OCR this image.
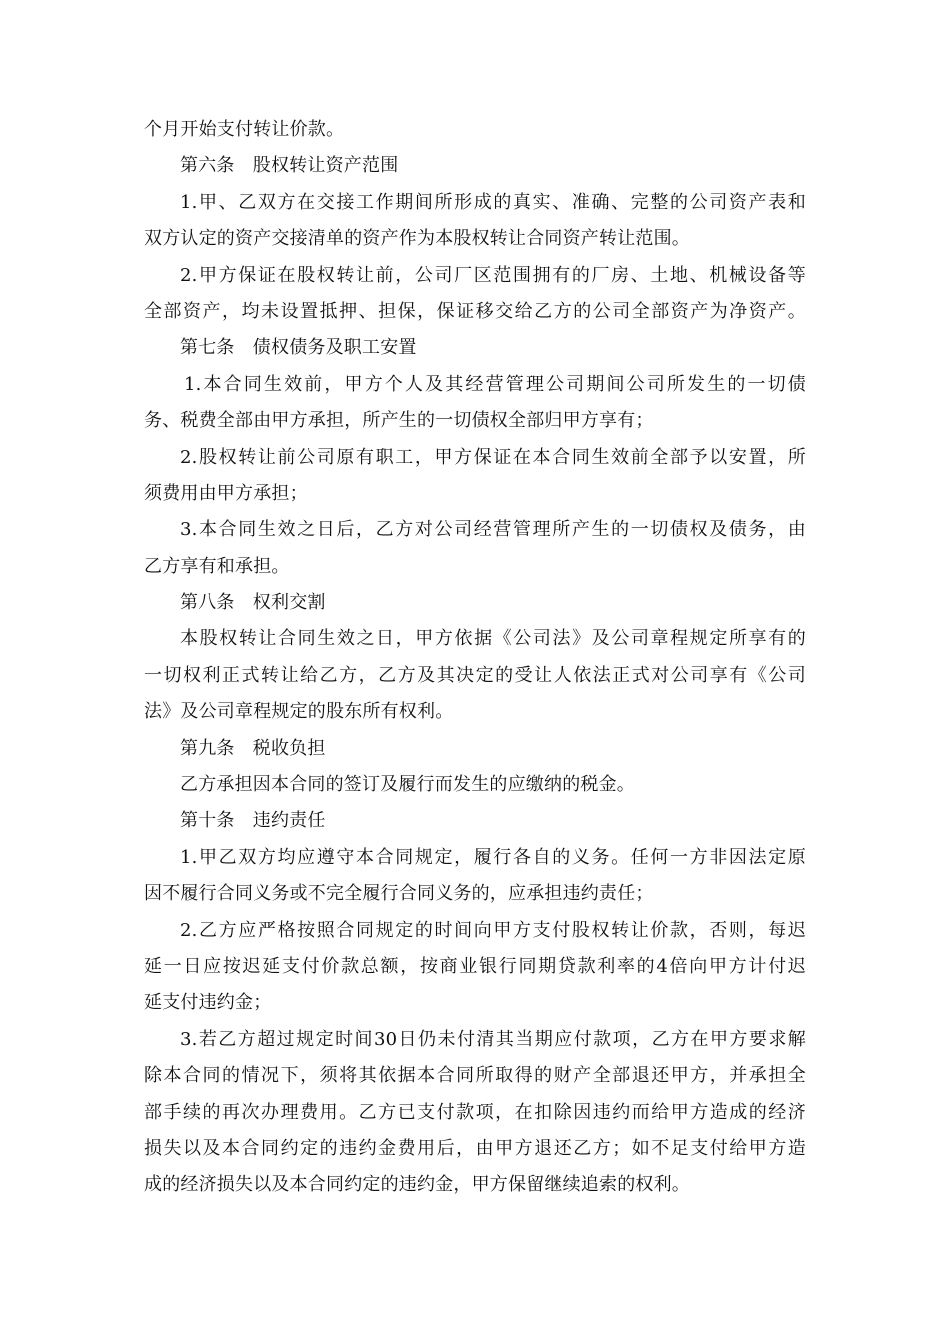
个月开始支付转让价款。
第六条　股权转让资产范围
1.甲、乙双方在交接工作期间所形成的真实、准确、完整的公司资产表和
双方认定的资产交接清单的资产作为本股权转让合同资产转让范围。
2.甲方保证在股权转让前，公司厂区范围拥有的厂房、土地、机械设备等
全部资产，均未设置抵押、担保，保证移交给乙方的公司全部资产为净资产。
第七条　债权债务及职工安置
1.本合同生效前，甲方个人及其经营管理公司期间公司所发生的一切债
务、税费全部由甲方承担，所产生的一切债权全部归甲方享有；
2.股权转让前公司原有职工，甲方保证在本合同生效前全部予以安置，所
须费用由甲方承担；
3.本合同生效之日后，乙方对公司经营管理所产生的一切债权及债务，由
乙方享有和承担。
第八条　权利交割
本股权转让合同生效之日，甲方依据《公司法》及公司章程规定所享有的
一切权利正式转让给乙方，乙方及其决定的受让人依法正式对公司享有《公司
法》及公司章程规定的股东所有权利。
第九条　税收负担
乙方承担因本合同的签订及履行而发生的应缴纳的税金。
第十条　违约责任
1.甲乙双方均应遵守本合同规定，履行各自的义务。任何一方非因法定原
因不履行合同义务或不完全履行合同义务的，应承担违约责任；
2.乙方应严格按照合同规定的时间向甲方支付股权转让价款，否则，每迟
延一日应按迟延支付价款总额，按商业银行同期贷款利率的4倍向甲方计付迟
延支付违约金；
3.若乙方超过规定时间30日仍未付清其当期应付款项，乙方在甲方要求解
除本合同的情况下，须将其依据本合同所取得的财产全部退还甲方，并承担全
部手续的再次办理费用。乙方已支付款项，在扣除因违约而给甲方造成的经济
损失以及本合同约定的违约金费用后，由甲方退还乙方；如不足支付给甲方造
成的经济损失以及本合同约定的违约金，甲方保留继续追索的权利。
